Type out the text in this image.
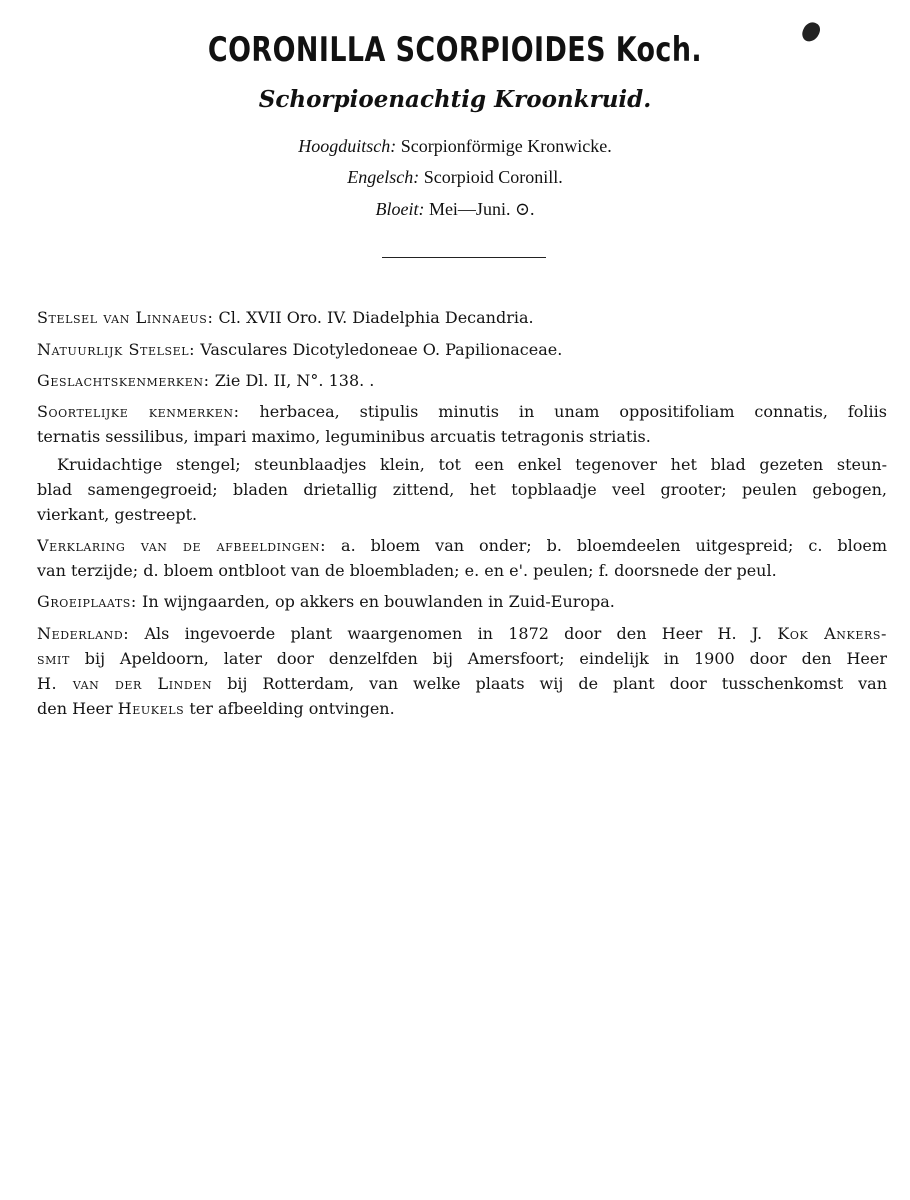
CORONILLA SCORPIOIDES Koch.
Schorpioenachtig Kroonkruid.
Hoogduitsch: Scorpionförmige Kronwicke.
Engelsch: Scorpioid Coronill.
Bloeit: Mei—Juni. ⊙.
Stelsel van Linnaeus: Cl. XVII Oro. IV. Diadelphia Decandria.
Natuurlijk Stelsel: Vasculares Dicotyledoneae O. Papilionaceae.
Geslachtskenmerken: Zie Dl. II, N°. 138. .
Soortelijke kenmerken: herbacea, stipulis minutis in unam oppositifoliam connatis, foliis
ternatis sessilibus, impari maximo, leguminibus arcuatis tetragonis striatis.
Kruidachtige stengel; steunblaadjes klein, tot een enkel tegenover het blad gezeten steun-
blad samengegroeid; bladen drietallig zittend, het topblaadje veel grooter; peulen gebogen,
vierkant, gestreept.
Verklaring van de afbeeldingen: a. bloem van onder; b. bloemdeelen uitgespreid; c. bloem
van terzijde; d. bloem ontbloot van de bloembladen; e. en e'. peulen; f. doorsnede der peul.
Groeiplaats: In wijngaarden, op akkers en bouwlanden in Zuid-Europa.
Nederland: Als ingevoerde plant waargenomen in 1872 door den Heer H. J. Kok Ankers-
smit bij Apeldoorn, later door denzelfden bij Amersfoort; eindelijk in 1900 door den Heer
H. van der Linden bij Rotterdam, van welke plaats wij de plant door tusschenkomst van
den Heer Heukels ter afbeelding ontvingen.
